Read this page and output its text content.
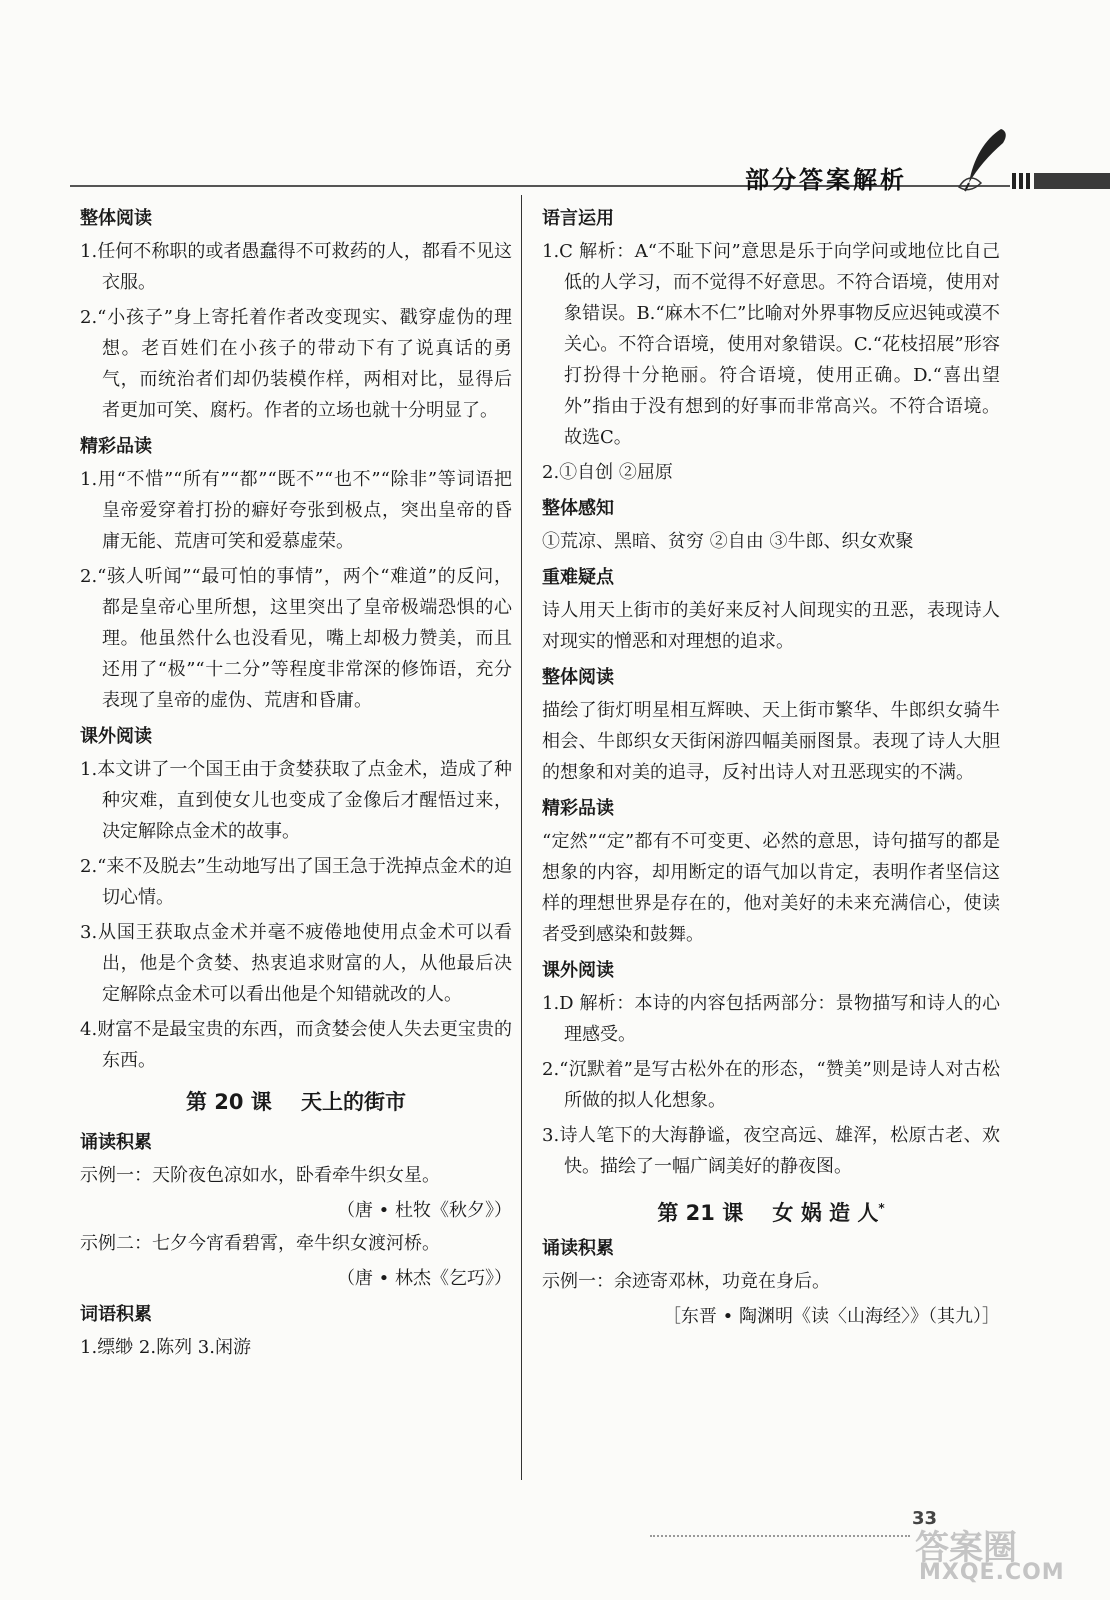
部分答案解析
整体阅读

1.任何不称职的或者愚蠢得不可救药的人，都看不见这衣服。

2.“小孩子”身上寄托着作者改变现实、戳穿虚伪的理想。老百姓们在小孩子的带动下有了说真话的勇气，而统治者们却仍装模作样，两相对比，显得后者更加可笑、腐朽。作者的立场也就十分明显了。

精彩品读

1.用“不惜”“所有”“都”“既不”“也不”“除非”等词语把皇帝爱穿着打扮的癖好夸张到极点，突出皇帝的昏庸无能、荒唐可笑和爱慕虚荣。

2.“骇人听闻”“最可怕的事情”，两个“难道”的反问，都是皇帝心里所想，这里突出了皇帝极端恐惧的心理。他虽然什么也没看见，嘴上却极力赞美，而且还用了“极”“十二分”等程度非常深的修饰语，充分表现了皇帝的虚伪、荒唐和昏庸。

课外阅读

1.本文讲了一个国王由于贪婪获取了点金术，造成了种种灾难，直到使女儿也变成了金像后才醒悟过来，决定解除点金术的故事。

2.“来不及脱去”生动地写出了国王急于洗掉点金术的迫切心情。

3.从国王获取点金术并毫不疲倦地使用点金术可以看出，他是个贪婪、热衷追求财富的人，从他最后决定解除点金术可以看出他是个知错就改的人。

4.财富不是最宝贵的东西，而贪婪会使人失去更宝贵的东西。

第 20 课    天上的街市
诵读积累

示例一：天阶夜色凉如水，卧看牵牛织女星。

（唐 • 杜牧《秋夕》）

示例二：七夕今宵看碧霄，牵牛织女渡河桥。

（唐 • 林杰《乞巧》）

词语积累

1.缥缈 2.陈列 3.闲游

语言运用

1.C 解析：A“不耻下问”意思是乐于向学问或地位比自己低的人学习，而不觉得不好意思。不符合语境，使用对象错误。B.“麻木不仁”比喻对外界事物反应迟钝或漠不关心。不符合语境，使用对象错误。C.“花枝招展”形容打扮得十分艳丽。符合语境，使用正确。D.“喜出望外”指由于没有想到的好事而非常高兴。不符合语境。故选C。

2.①自创 ②屈原

整体感知

①荒凉、黑暗、贫穷 ②自由 ③牛郎、织女欢聚

重难疑点

诗人用天上街市的美好来反衬人间现实的丑恶，表现诗人对现实的憎恶和对理想的追求。

整体阅读

描绘了街灯明星相互辉映、天上街市繁华、牛郎织女骑牛相会、牛郎织女天街闲游四幅美丽图景。表现了诗人大胆的想象和对美的追寻，反衬出诗人对丑恶现实的不满。

精彩品读

“定然”“定”都有不可变更、必然的意思，诗句描写的都是想象的内容，却用断定的语气加以肯定，表明作者坚信这样的理想世界是存在的，他对美好的未来充满信心，使读者受到感染和鼓舞。

课外阅读

1.D 解析：本诗的内容包括两部分：景物描写和诗人的心理感受。

2.“沉默着”是写古松外在的形态，“赞美”则是诗人对古松所做的拟人化想象。

3.诗人笔下的大海静谧，夜空高远、雄浑，松原古老、欢快。描绘了一幅广阔美好的静夜图。

第 21 课    女 娲 造 人*
诵读积累

示例一：余迹寄邓林，功竟在身后。

［东晋 • 陶渊明《读〈山海经〉》（其九）］

33
答案圈
MXQE.COM
